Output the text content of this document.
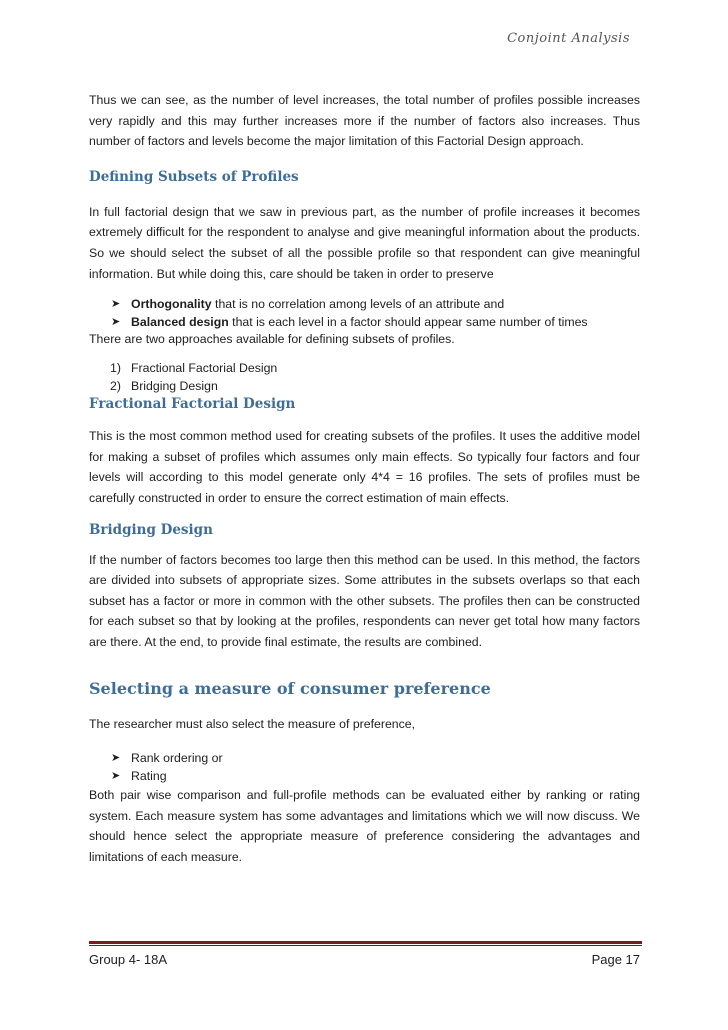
Conjoint Analysis

Thus we can see, as the number of level increases, the total number of profiles possible increases very rapidly and this may further increases more if the number of factors also increases. Thus number of factors and levels become the major limitation of this Factorial Design approach.

Defining Subsets of Profiles

In full factorial design that we saw in previous part, as the number of profile increases it becomes extremely difficult for the respondent to analyse and give meaningful information about the products. So we should select the subset of all the possible profile so that respondent can give meaningful information. But while doing this, care should be taken in order to preserve

➤ Orthogonality that is no correlation among levels of an attribute and
➤ Balanced design that is each level in a factor should appear same number of times

There are two approaches available for defining subsets of profiles.

1) Fractional Factorial Design
2) Bridging Design
Fractional Factorial Design

This is the most common method used for creating subsets of the profiles. It uses the additive model for making a subset of profiles which assumes only main effects. So typically four factors and four levels will according to this model generate only 4*4 = 16 profiles. The sets of profiles must be carefully constructed in order to ensure the correct estimation of main effects.

Bridging Design

If the number of factors becomes too large then this method can be used. In this method, the factors are divided into subsets of appropriate sizes. Some attributes in the subsets overlaps so that each subset has a factor or more in common with the other subsets. The profiles then can be constructed for each subset so that by looking at the profiles, respondents can never get total how many factors are there. At the end, to provide final estimate, the results are combined.

Selecting a measure of consumer preference

The researcher must also select the measure of preference,

➤ Rank ordering or
➤ Rating

Both pair wise comparison and full-profile methods can be evaluated either by ranking or rating system. Each measure system has some advantages and limitations which we will now discuss. We should hence select the appropriate measure of preference considering the advantages and limitations of each measure.

Group 4- 18A	Page 17
